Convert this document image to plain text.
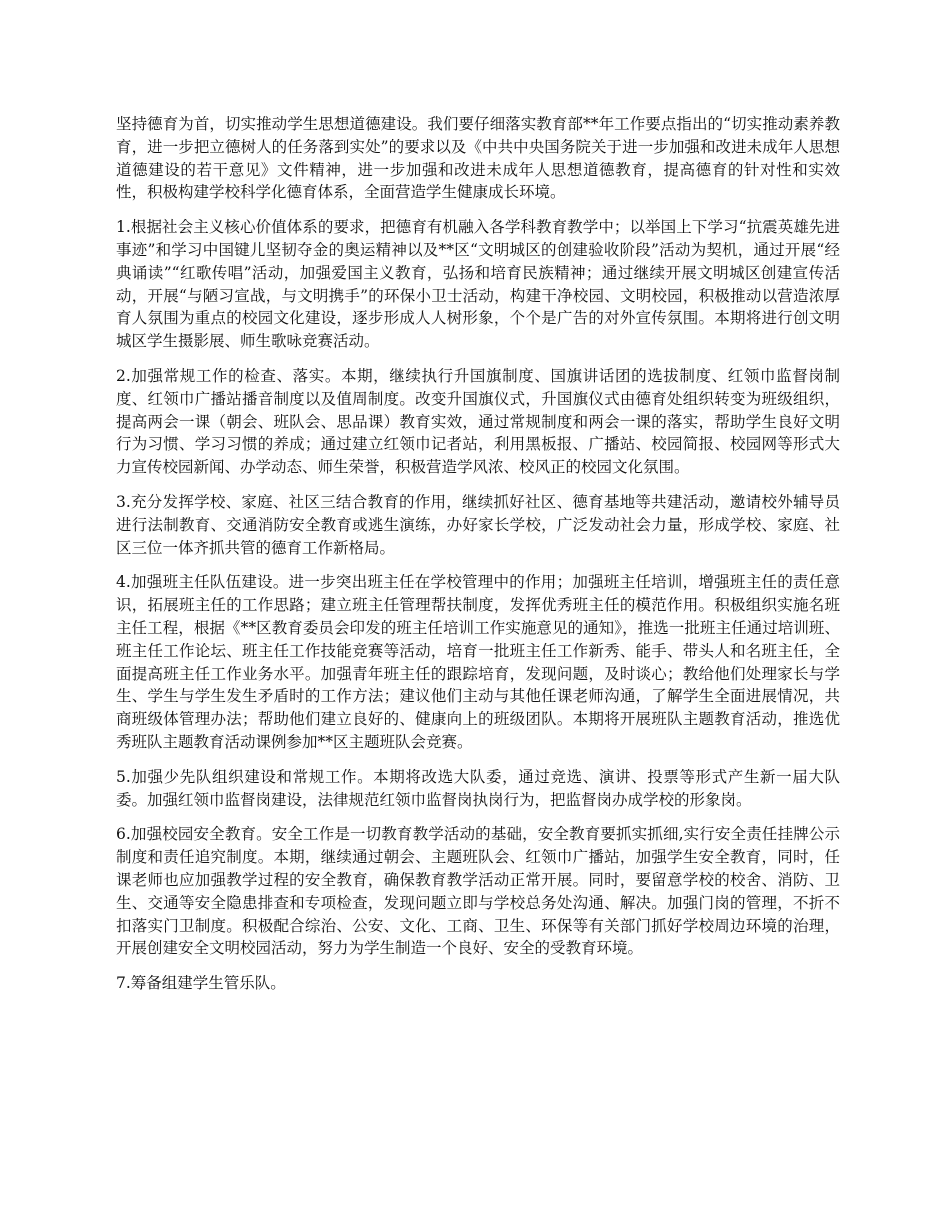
坚持德育为首，切实推动学生思想道德建设。我们要仔细落实教育部**年工作要点指出的“切实推动素养教育，进一步把立德树人的任务落到实处”的要求以及《中共中央国务院关于进一步加强和改进未成年人思想道德建设的若干意见》文件精神，进一步加强和改进未成年人思想道德教育，提高德育的针对性和实效性，积极构建学校科学化德育体系，全面营造学生健康成长环境。

1.根据社会主义核心价值体系的要求，把德育有机融入各学科教育教学中；以举国上下学习“抗震英雄先进事迹”和学习中国键儿坚韧夺金的奥运精神以及**区“文明城区的创建验收阶段”活动为契机，通过开展“经典诵读”“红歌传唱”活动，加强爱国主义教育，弘扬和培育民族精神；通过继续开展文明城区创建宣传活动，开展“与陋习宣战，与文明携手”的环保小卫士活动，构建干净校园、文明校园，积极推动以营造浓厚育人氛围为重点的校园文化建设，逐步形成人人树形象，个个是广告的对外宣传氛围。本期将进行创文明城区学生摄影展、师生歌咏竞赛活动。

2.加强常规工作的检查、落实。本期，继续执行升国旗制度、国旗讲话团的选拔制度、红领巾监督岗制度、红领巾广播站播音制度以及值周制度。改变升国旗仪式，升国旗仪式由德育处组织转变为班级组织，提高两会一课（朝会、班队会、思品课）教育实效，通过常规制度和两会一课的落实，帮助学生良好文明行为习惯、学习习惯的养成；通过建立红领巾记者站，利用黑板报、广播站、校园简报、校园网等形式大力宣传校园新闻、办学动态、师生荣誉，积极营造学风浓、校风正的校园文化氛围。

3.充分发挥学校、家庭、社区三结合教育的作用，继续抓好社区、德育基地等共建活动，邀请校外辅导员进行法制教育、交通消防安全教育或逃生演练，办好家长学校，广泛发动社会力量，形成学校、家庭、社区三位一体齐抓共管的德育工作新格局。

4.加强班主任队伍建设。进一步突出班主任在学校管理中的作用；加强班主任培训，增强班主任的责任意识，拓展班主任的工作思路；建立班主任管理帮扶制度，发挥优秀班主任的模范作用。积极组织实施名班主任工程，根据《**区教育委员会印发的班主任培训工作实施意见的通知》，推选一批班主任通过培训班、班主任工作论坛、班主任工作技能竞赛等活动，培育一批班主任工作新秀、能手、带头人和名班主任，全面提高班主任工作业务水平。加强青年班主任的跟踪培育，发现问题，及时谈心；教给他们处理家长与学生、学生与学生发生矛盾时的工作方法；建议他们主动与其他任课老师沟通，了解学生全面进展情况，共商班级体管理办法；帮助他们建立良好的、健康向上的班级团队。本期将开展班队主题教育活动，推选优秀班队主题教育活动课例参加**区主题班队会竞赛。

5.加强少先队组织建设和常规工作。本期将改选大队委，通过竞选、演讲、投票等形式产生新一届大队委。加强红领巾监督岗建设，法律规范红领巾监督岗执岗行为，把监督岗办成学校的形象岗。

6.加强校园安全教育。安全工作是一切教育教学活动的基础，安全教育要抓实抓细,实行安全责任挂牌公示制度和责任追究制度。本期，继续通过朝会、主题班队会、红领巾广播站，加强学生安全教育，同时，任课老师也应加强教学过程的安全教育，确保教育教学活动正常开展。同时，要留意学校的校舍、消防、卫生、交通等安全隐患排查和专项检查，发现问题立即与学校总务处沟通、解决。加强门岗的管理，不折不扣落实门卫制度。积极配合综治、公安、文化、工商、卫生、环保等有关部门抓好学校周边环境的治理，开展创建安全文明校园活动，努力为学生制造一个良好、安全的受教育环境。

7.筹备组建学生管乐队。
